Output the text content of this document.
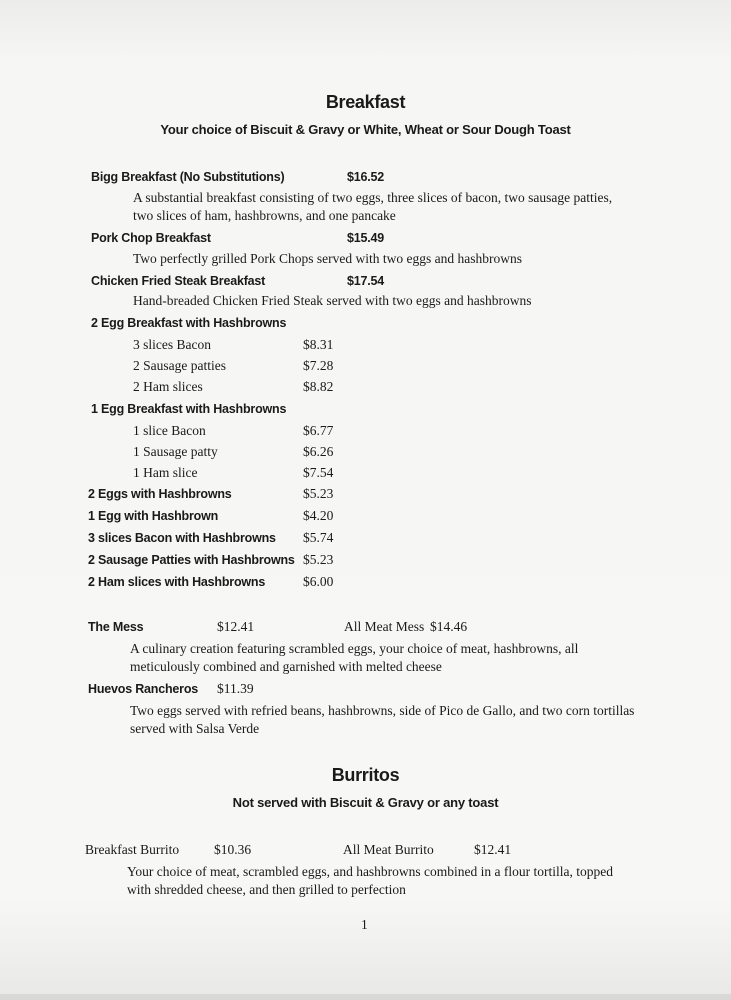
Breakfast
Your choice of Biscuit & Gravy or White, Wheat or Sour Dough Toast
Burritos
Not served with Biscuit & Gravy or any toast
1
Bigg Breakfast (No Substitutions)	$16.52
A substantial breakfast consisting of two eggs, three slices of bacon, two sausage patties,
two slices of ham, hashbrowns, and one pancake
Pork Chop Breakfast	$15.49
Two perfectly grilled Pork Chops served with two eggs and hashbrowns
Chicken Fried Steak Breakfast	$17.54
Hand-breaded Chicken Fried Steak served with two eggs and hashbrowns
2 Egg Breakfast with Hashbrowns
3 slices Bacon	$8.31
2 Sausage patties	$7.28
2 Ham slices	$8.82
1 Egg Breakfast with Hashbrowns
1 slice Bacon	$6.77
1 Sausage patty	$6.26
1 Ham slice	$7.54
2 Eggs with Hashbrowns	$5.23
1 Egg with Hashbrown	$4.20
3 slices Bacon with Hashbrowns $5.74
2 Sausage Patties with Hashbrowns $5.23
2 Ham slices with Hashbrowns	$6.00
The Mess	$12.41	All Meat Mess $14.46
A culinary creation featuring scrambled eggs, your choice of meat, hashbrowns, all
meticulously combined and garnished with melted cheese
Huevos Rancheros $11.39
Two eggs served with refried beans, hashbrowns, side of Pico de Gallo, and two corn tortillas
served with Salsa Verde
Breakfast Burrito	$10.36	All Meat Burrito	$12.41
Your choice of meat, scrambled eggs, and hashbrowns combined in a flour tortilla, topped
with shredded cheese, and then grilled to perfection
